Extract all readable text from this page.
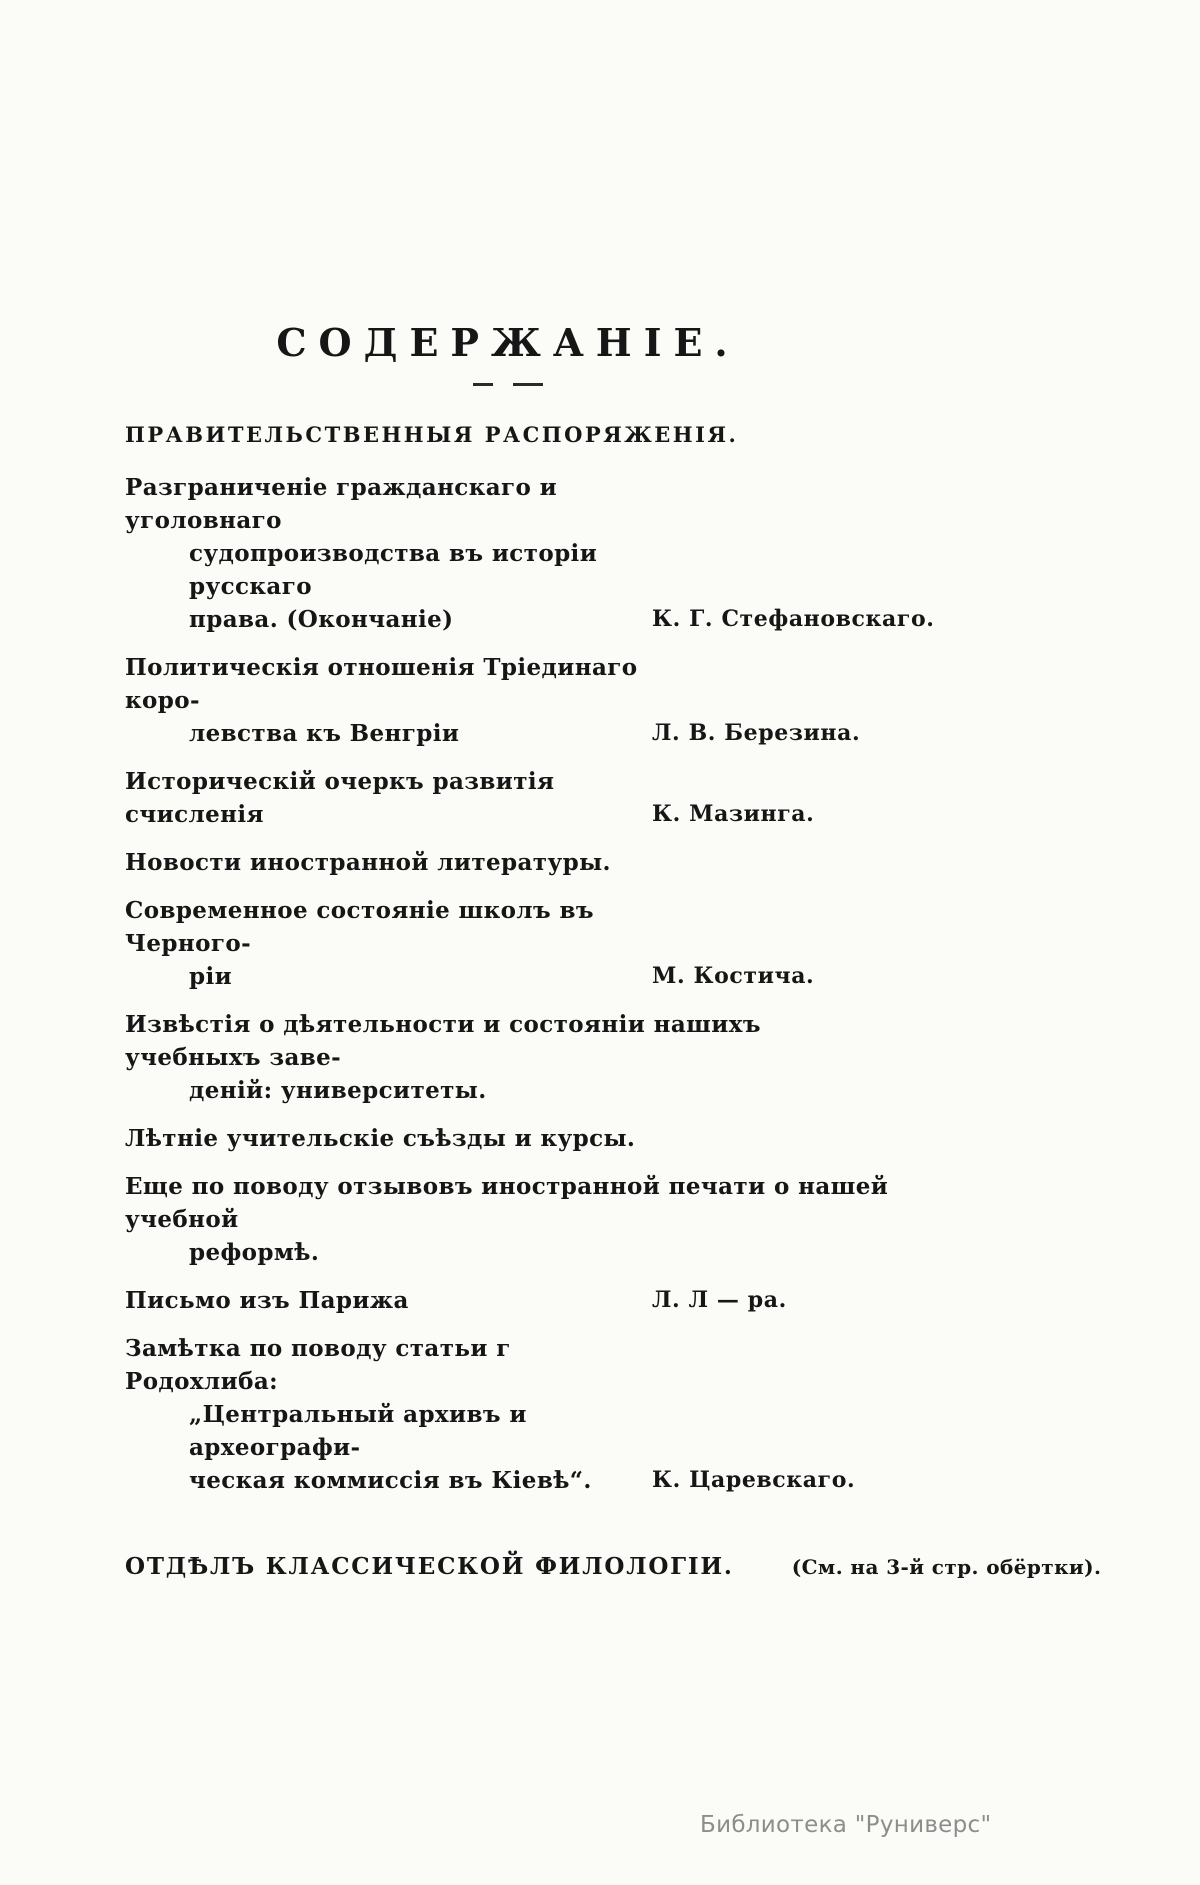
СОДЕРЖАНІЕ.
ПРАВИТЕЛЬСТВЕННЫЯ РАСПОРЯЖЕНІЯ.
Разграниченіе гражданскаго и уголовнаго
судопроизводства въ исторіи русскаго
права. (Окончаніе)	К. Г. Стефановскаго.
Политическія отношенія Тріединаго коро-
левства къ Венгріи	Л. В. Березина.
Историческій очеркъ развитія счисленія	К. Мазинга.
Новости иностранной литературы.
Современное состояніе школъ въ Черного-
ріи	М. Костича.
Извѣстія о дѣятельности и состояніи нашихъ учебныхъ заве-
деній: университеты.
Лѣтніе учительскіе съѣзды и курсы.
Еще по поводу отзывовъ иностранной печати о нашей учебной
реформѣ.
Письмо изъ Парижа	Л. Л — ра.
Замѣтка по поводу статьи г Родохлиба:
„Центральный архивъ и археографи-
ческая коммиссія въ Кіевѣ“.	К. Царевскаго.
ОТДѢЛЪ КЛАССИЧЕСКОЙ ФИЛОЛОГІИ.	(См. на 3-й стр. обёртки).
Библиотека "Руниверс"
